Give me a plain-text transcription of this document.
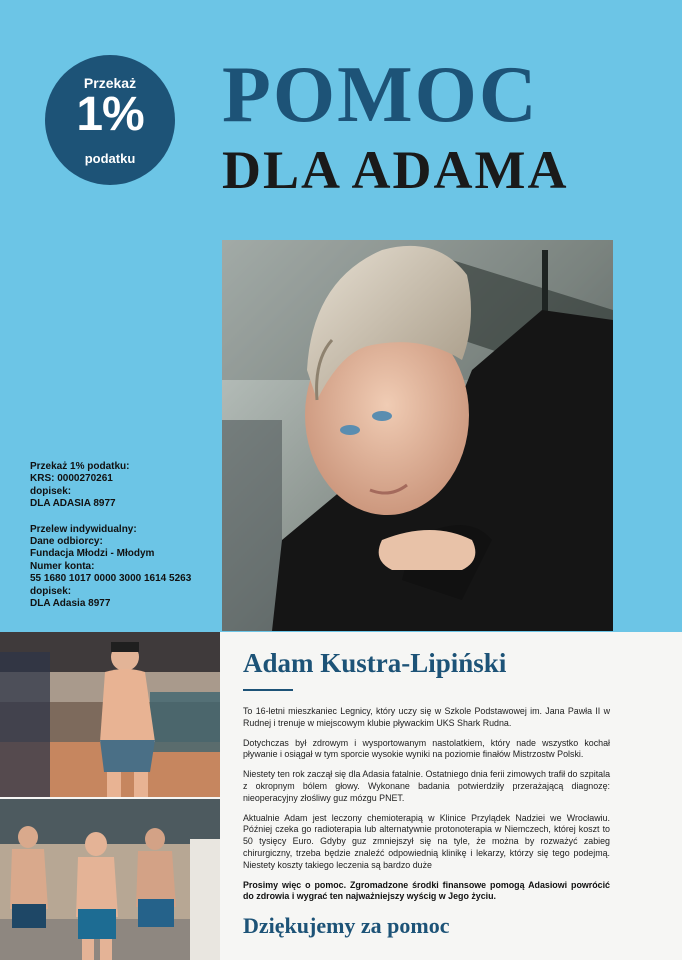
Przekaż
1%
podatku
POMOC
DLA ADAMA
Przekaż 1% podatku:
KRS: 0000270261
dopisek:
DLA ADASIA 8977
Przelew indywidualny:
Dane odbiorcy:
Fundacja Młodzi - Młodym
Numer konta:
55 1680 1017 0000 3000 1614 5263
dopisek:
DLA Adasia 8977
Adam Kustra-Lipiński

To 16-letni mieszkaniec Legnicy, który uczy się w Szkole Podstawowej im. Jana Pawła II w Rudnej i trenuje w miejscowym klubie pływackim UKS Shark Rudna.

Dotychczas był zdrowym i wysportowanym nastolatkiem, który nade wszystko kochał pływanie i osiągał w tym sporcie wysokie wyniki na poziomie finałów Mistrzostw Polski.

Niestety ten rok zaczął się dla Adasia fatalnie. Ostatniego dnia ferii zimowych trafił do szpitala z okropnym bólem głowy. Wykonane badania potwierdziły przerażającą diagnozę: nieoperacyjny złośliwy guz mózgu PNET.

Aktualnie Adam jest leczony chemioterapią w Klinice Przylądek Nadziei we Wrocławiu. Później czeka go radioterapia lub alternatywnie protonoterapia w Niemczech, której koszt to 50 tysięcy Euro. Gdyby guz zmniejszył się na tyle, że można by rozważyć zabieg chirurgiczny, trzeba będzie znaleźć odpowiednią klinikę i lekarzy, którzy się tego podejmą. Niestety koszty takiego leczenia są bardzo duże

Prosimy więc o pomoc. Zgromadzone środki finansowe pomogą Adasiowi powrócić do zdrowia i wygrać ten najważniejszy wyścig w Jego życiu.

Dziękujemy za pomoc
